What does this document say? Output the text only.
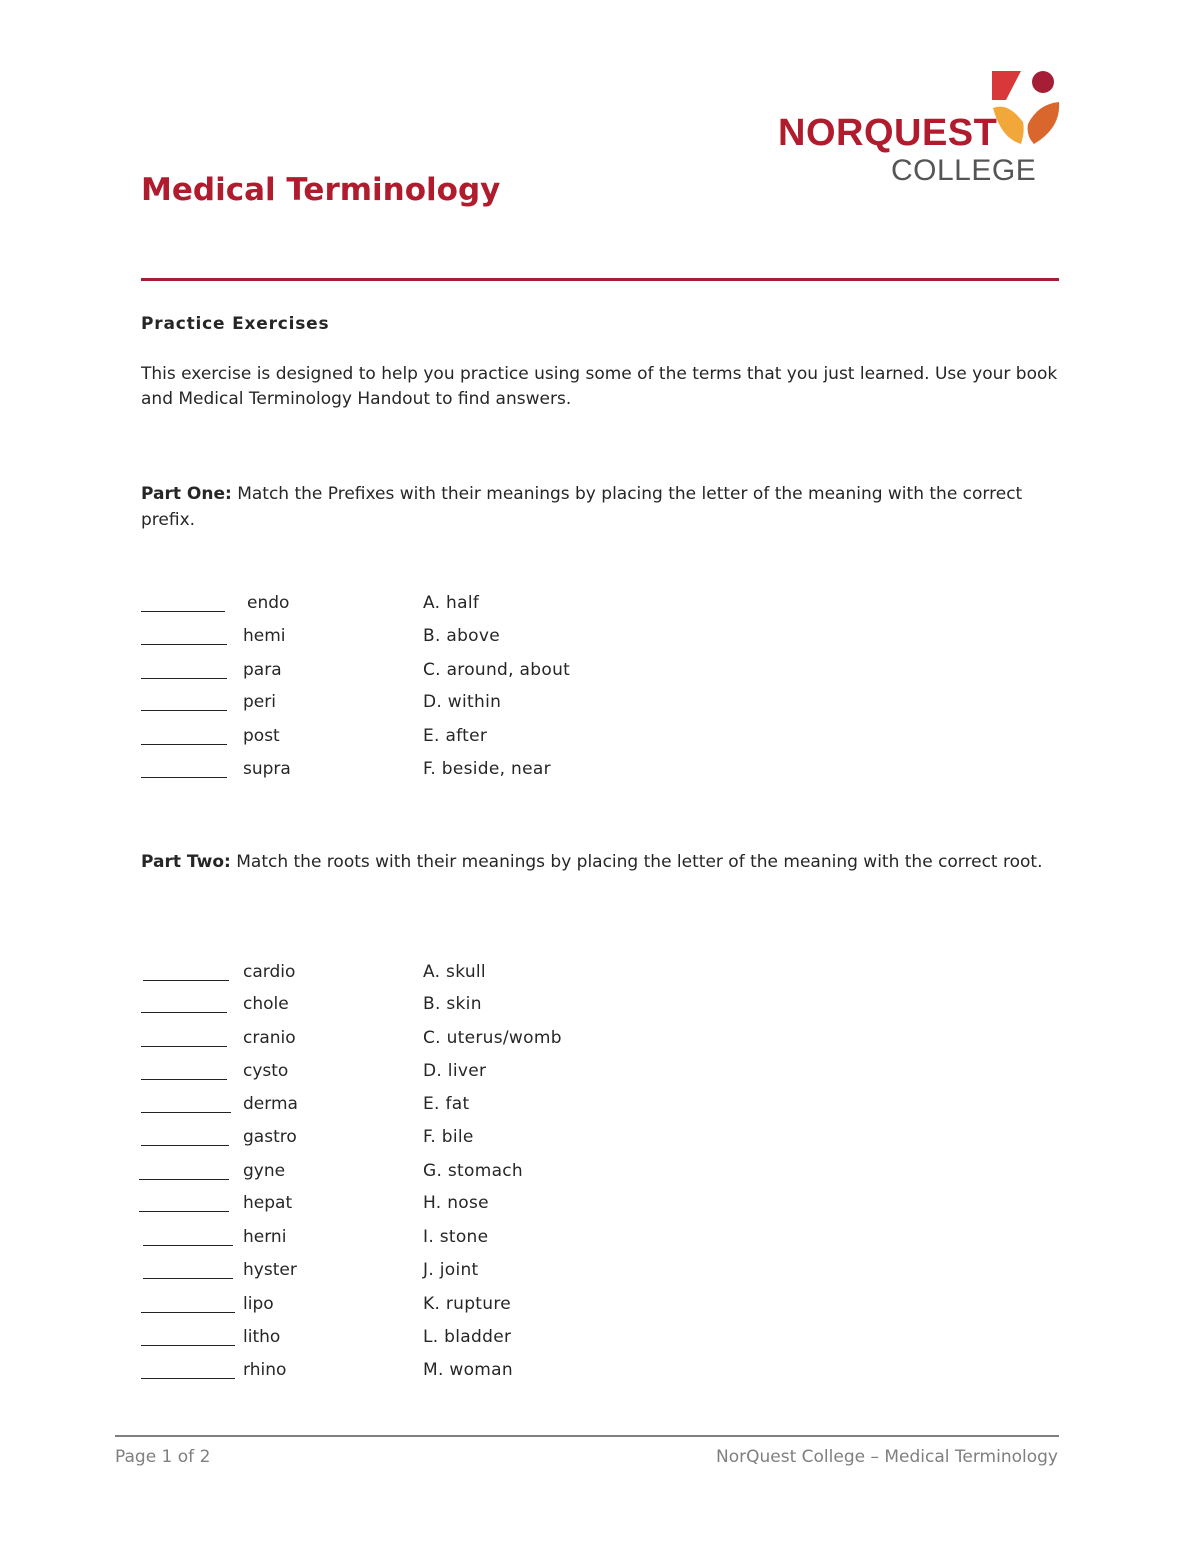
NORQUEST
COLLEGE
Medical Terminology
Practice Exercises
This exercise is designed to help you practice using some of the terms that you just learned. Use your book and Medical Terminology Handout to find answers.
Part One: Match the Prefixes with their meanings by placing the letter of the meaning with the correct prefix.
endo	A. half
hemi	B. above
para	C. around, about
peri	D. within
post	E. after
supra	F. beside, near
Part Two: Match the roots with their meanings by placing the letter of the meaning with the correct root.
cardio	A. skull
chole	B. skin
cranio	C. uterus/womb
cysto	D. liver
derma	E. fat
gastro	F. bile
gyne	G. stomach
hepat	H. nose
herni	I. stone
hyster	J. joint
lipo	K. rupture
litho	L. bladder
rhino	M. woman
Page 1 of 2	NorQuest College – Medical Terminology
